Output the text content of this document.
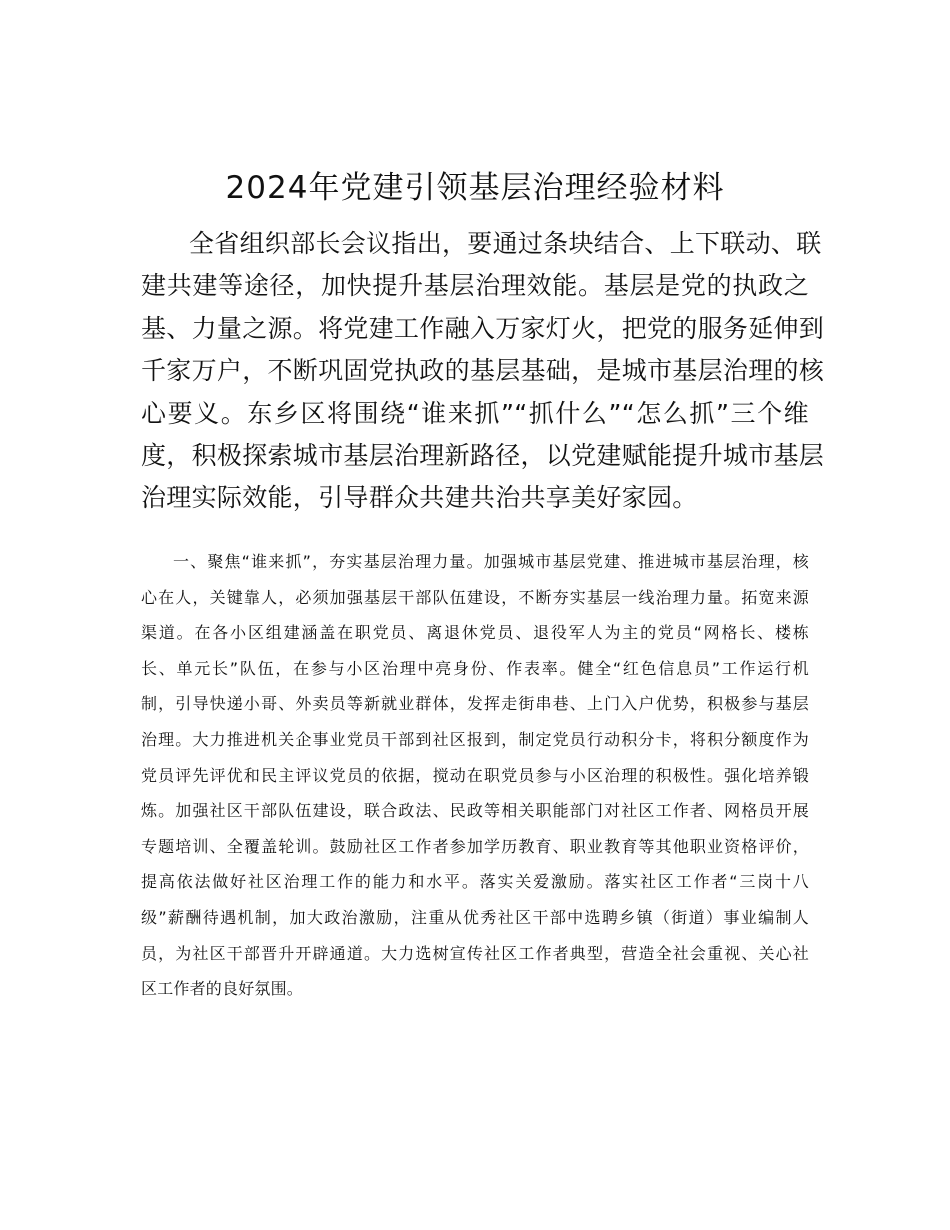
2024年党建引领基层治理经验材料
全省组织部长会议指出，要通过条块结合、上下联动、联
建共建等途径，加快提升基层治理效能。基层是党的执政之
基、力量之源。将党建工作融入万家灯火，把党的服务延伸到
千家万户，不断巩固党执政的基层基础，是城市基层治理的核
心要义。东乡区将围绕“谁来抓”“抓什么”“怎么抓”三个维
度，积极探索城市基层治理新路径，以党建赋能提升城市基层
治理实际效能，引导群众共建共治共享美好家园。
一、聚焦“谁来抓”，夯实基层治理力量。加强城市基层党建、推进城市基层治理，核
心在人，关键靠人，必须加强基层干部队伍建设，不断夯实基层一线治理力量。拓宽来源
渠道。在各小区组建涵盖在职党员、离退休党员、退役军人为主的党员“网格长、楼栋
长、单元长”队伍，在参与小区治理中亮身份、作表率。健全“红色信息员”工作运行机
制，引导快递小哥、外卖员等新就业群体，发挥走街串巷、上门入户优势，积极参与基层
治理。大力推进机关企事业党员干部到社区报到，制定党员行动积分卡，将积分额度作为
党员评先评优和民主评议党员的依据，搅动在职党员参与小区治理的积极性。强化培养锻
炼。加强社区干部队伍建设，联合政法、民政等相关职能部门对社区工作者、网格员开展
专题培训、全覆盖轮训。鼓励社区工作者参加学历教育、职业教育等其他职业资格评价，
提高依法做好社区治理工作的能力和水平。落实关爱激励。落实社区工作者“三岗十八
级”薪酬待遇机制，加大政治激励，注重从优秀社区干部中选聘乡镇（街道）事业编制人
员，为社区干部晋升开辟通道。大力选树宣传社区工作者典型，营造全社会重视、关心社
区工作者的良好氛围。
